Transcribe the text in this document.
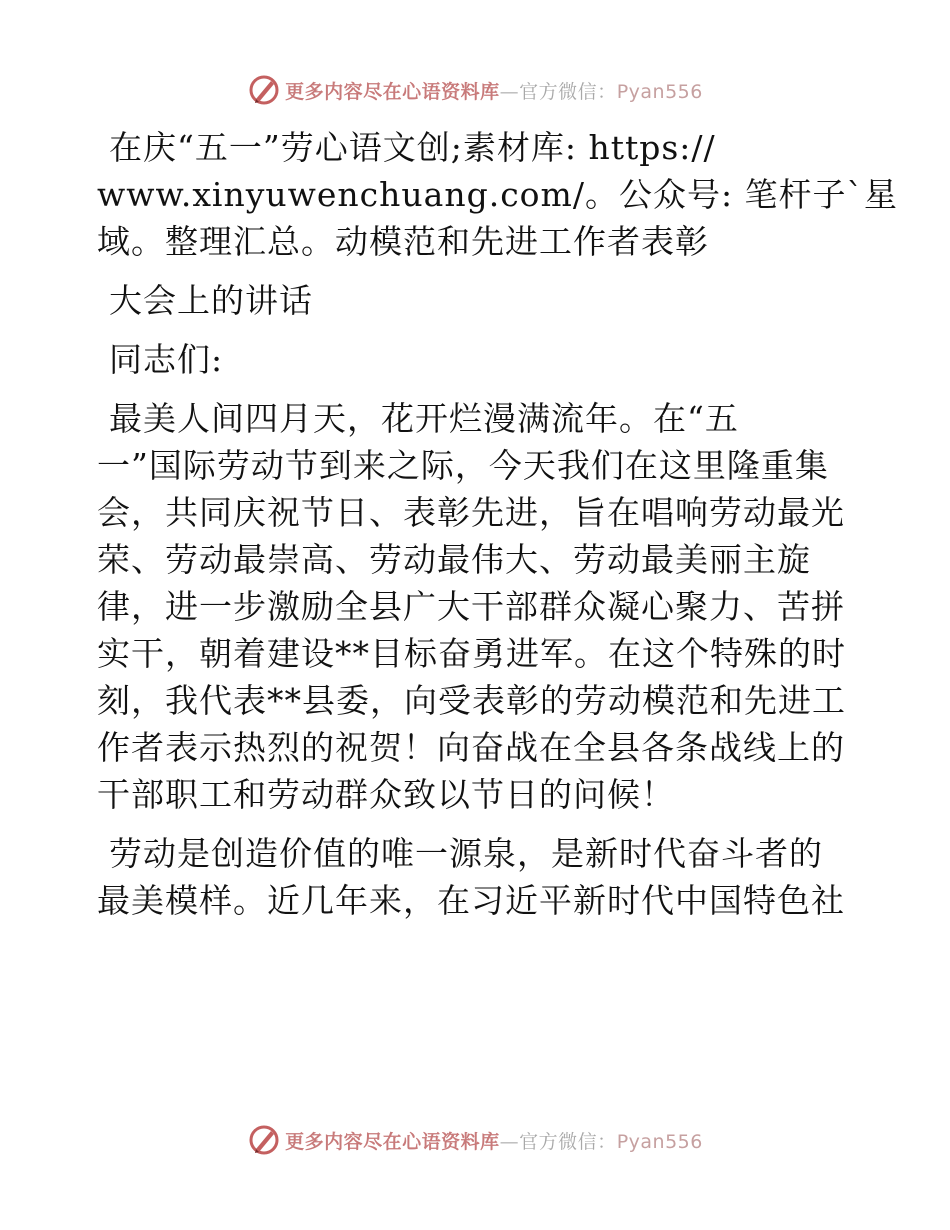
更多内容尽在心语资料库—官方微信：Pyan556
在庆“五一”劳心语文创;素材库: https://
www.xinyuwenchuang.com/。公众号: 笔杆子`星
域。整理汇总。动模范和先进工作者表彰
大会上的讲话
同志们:
最美人间四月天，花开烂漫满流年。在“五
一”国际劳动节到来之际，今天我们在这里隆重集
会，共同庆祝节日、表彰先进，旨在唱响劳动最光
荣、劳动最崇高、劳动最伟大、劳动最美丽主旋
律，进一步激励全县广大干部群众凝心聚力、苦拼
实干，朝着建设**目标奋勇进军。在这个特殊的时
刻，我代表**县委，向受表彰的劳动模范和先进工
作者表示热烈的祝贺！向奋战在全县各条战线上的
干部职工和劳动群众致以节日的问候！
劳动是创造价值的唯一源泉，是新时代奋斗者的
最美模样。近几年来，在习近平新时代中国特色社
更多内容尽在心语资料库—官方微信：Pyan556
